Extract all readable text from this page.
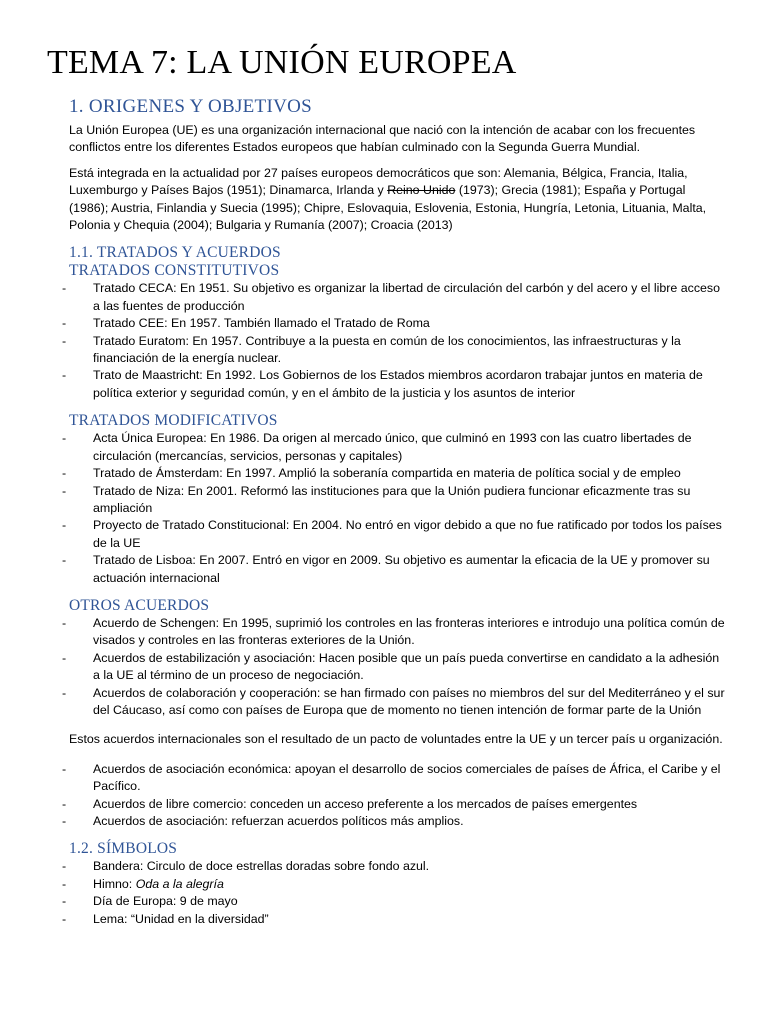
TEMA 7: LA UNIÓN EUROPEA
1. ORIGENES Y OBJETIVOS

La Unión Europea (UE) es una organización internacional que nació con la intención de acabar con los frecuentes conflictos entre los diferentes Estados europeos que habían culminado con la Segunda Guerra Mundial.

Está integrada en la actualidad por 27 países europeos democráticos que son: Alemania, Bélgica, Francia, Italia, Luxemburgo y Países Bajos (1951); Dinamarca, Irlanda y Reino Unido (1973); Grecia (1981); España y Portugal (1986); Austria, Finlandia y Suecia (1995); Chipre, Eslovaquia, Eslovenia, Estonia, Hungría, Letonia, Lituania, Malta, Polonia y Chequia (2004); Bulgaria y Rumanía (2007); Croacia (2013)

1.1. TRATADOS Y ACUERDOS
TRATADOS CONSTITUTIVOS
- Tratado CECA: En 1951. Su objetivo es organizar la libertad de circulación del carbón y del acero y el libre acceso a las fuentes de producción
- Tratado CEE: En 1957. También llamado el Tratado de Roma
- Tratado Euratom: En 1957. Contribuye a la puesta en común de los conocimientos, las infraestructuras y la financiación de la energía nuclear.
- Trato de Maastricht: En 1992. Los Gobiernos de los Estados miembros acordaron trabajar juntos en materia de política exterior y seguridad común, y en el ámbito de la justicia y los asuntos de interior
TRATADOS MODIFICATIVOS
- Acta Única Europea: En 1986. Da origen al mercado único, que culminó en 1993 con las cuatro libertades de circulación (mercancías, servicios, personas y capitales)
- Tratado de Ámsterdam: En 1997. Amplió la soberanía compartida en materia de política social y de empleo
- Tratado de Niza: En 2001. Reformó las instituciones para que la Unión pudiera funcionar eficazmente tras su ampliación
- Proyecto de Tratado Constitucional: En 2004. No entró en vigor debido a que no fue ratificado por todos los países de la UE
- Tratado de Lisboa: En 2007. Entró en vigor en 2009. Su objetivo es aumentar la eficacia de la UE y promover su actuación internacional
OTROS ACUERDOS
- Acuerdo de Schengen: En 1995, suprimió los controles en las fronteras interiores e introdujo una política común de visados y controles en las fronteras exteriores de la Unión.
- Acuerdos de estabilización y asociación: Hacen posible que un país pueda convertirse en candidato a la adhesión a la UE al término de un proceso de negociación.
- Acuerdos de colaboración y cooperación: se han firmado con países no miembros del sur del Mediterráneo y el sur del Cáucaso, así como con países de Europa que de momento no tienen intención de formar parte de la Unión

Estos acuerdos internacionales son el resultado de un pacto de voluntades entre la UE y un tercer país u organización.

- Acuerdos de asociación económica: apoyan el desarrollo de socios comerciales de países de África, el Caribe y el Pacífico.
- Acuerdos de libre comercio: conceden un acceso preferente a los mercados de países emergentes
- Acuerdos de asociación: refuerzan acuerdos políticos más amplios.
1.2. SÍMBOLOS
- Bandera: Circulo de doce estrellas doradas sobre fondo azul.
- Himno: Oda a la alegría
- Día de Europa: 9 de mayo
- Lema: “Unidad en la diversidad”
